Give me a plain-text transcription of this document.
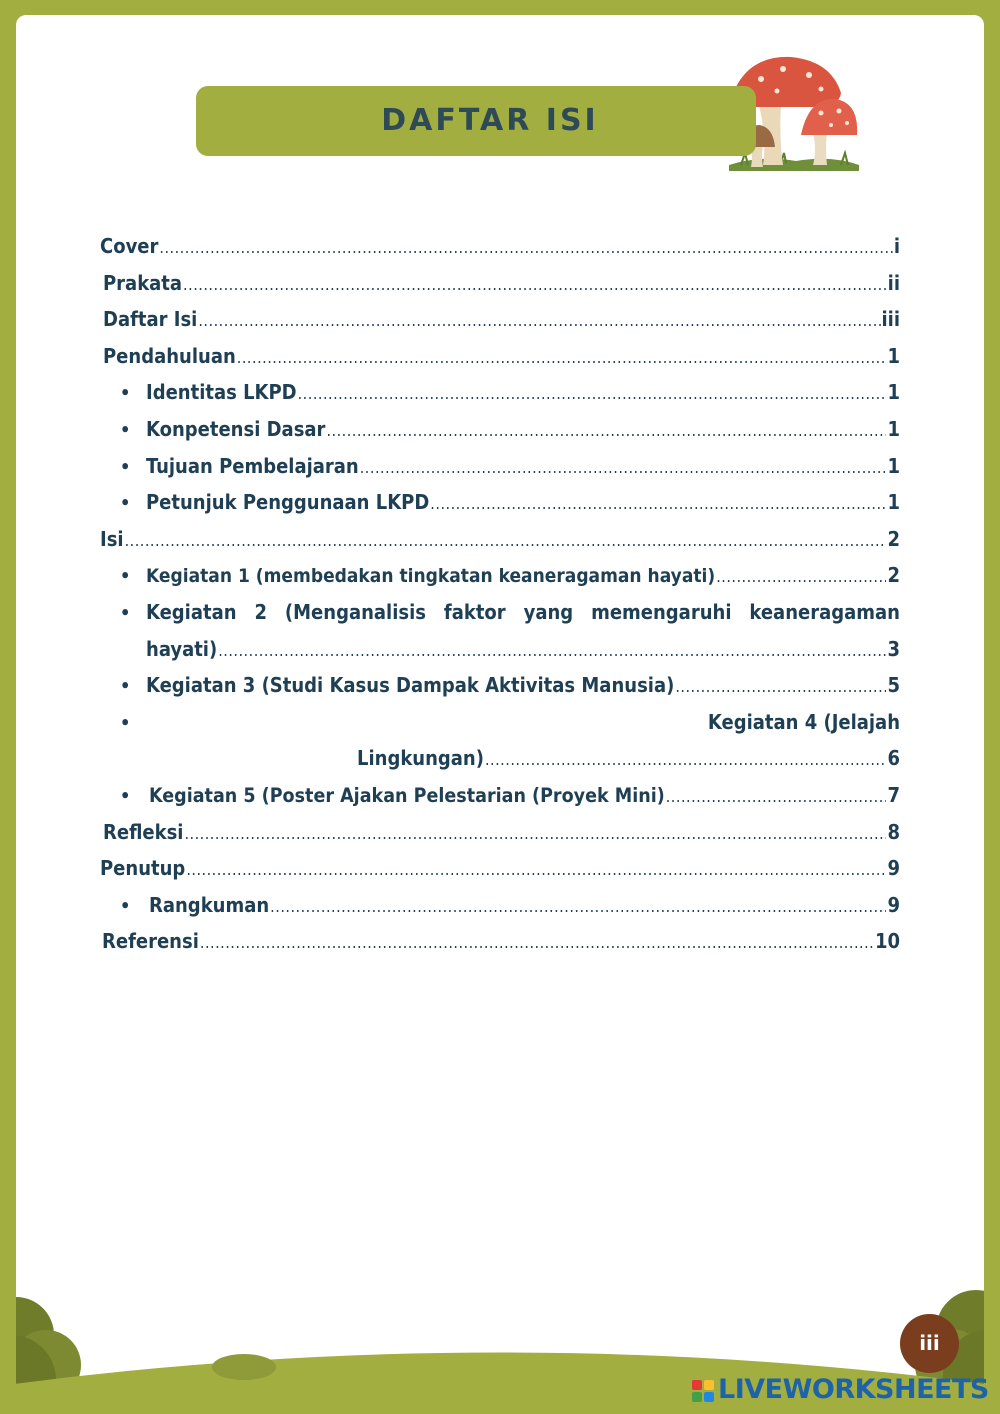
DAFTAR ISI
Cover .....	i
Prakata .....	ii
Daftar Isi .....	iii
Pendahuluan .....	1
• Identitas LKPD .....	1
• Konpetensi Dasar .....	1
• Tujuan Pembelajaran .....	1
• Petunjuk Penggunaan LKPD .....	1
Isi .....	2
• Kegiatan 1 (membedakan tingkatan keaneragaman hayati) .....	2
• Kegiatan 2 (Menganalisis faktor yang memengaruhi keaneragaman
hayati) .....	3
• Kegiatan 3 (Studi Kasus Dampak Aktivitas Manusia) .....	5
•	Kegiatan 4 (Jelajah
Lingkungan) .....	6
• Kegiatan 5 (Poster Ajakan Pelestarian (Proyek Mini) .....	7
Refleksi .....	8
Penutup .....	9
• Rangkuman .....	9
Referensi .....	10
iii
LIVEWORKSHEETS
